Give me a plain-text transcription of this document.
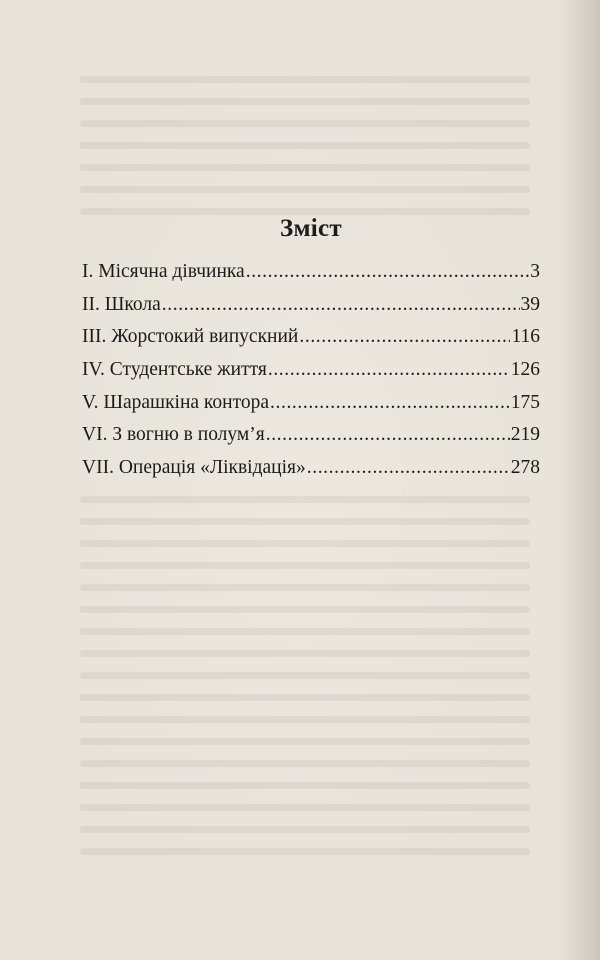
Зміст
I. Місячна дівчинка .....	3
II. Школа .....	39
III. Жорстокий випускний .....	116
IV. Студентське життя .....	126
V. Шарашкіна контора .....	175
VI. З вогню в полум’я .....	219
VII. Операція «Ліквідація» .....	278
